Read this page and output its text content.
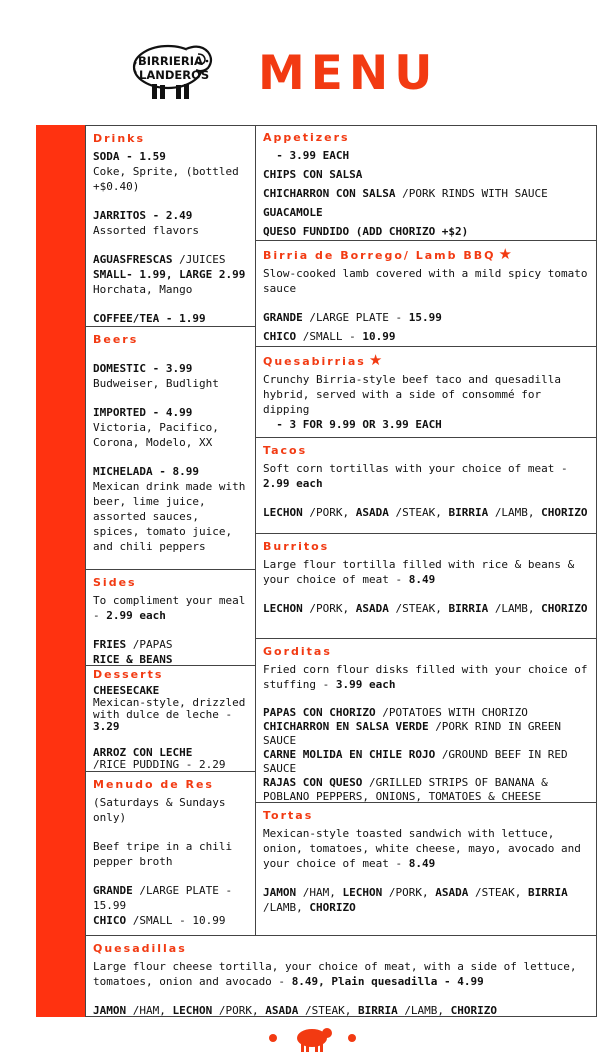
BIRRIERIA
LANDEROS MENU
Drinks

SODA - 1.59

Coke, Sprite, (bottled +$0.40)

JARRITOS - 2.49

Assorted flavors

AGUASFRESCAS /JUICES

SMALL- 1.99, LARGE 2.99

Horchata, Mango

COFFEE/TEA - 1.99

Beers

DOMESTIC - 3.99

Budweiser, Budlight

IMPORTED - 4.99

Victoria, Pacifico, Corona, Modelo, XX

MICHELADA - 8.99

Mexican drink made with beer, lime juice, assorted sauces, spices, tomato juice, and chili peppers

Sides

To compliment your meal - 2.99 each

FRIES /PAPAS

RICE & BEANS

Desserts

CHEESECAKE

Mexican-style, drizzled with dulce de leche - 3.29

ARROZ CON LECHE

/RICE PUDDING - 2.29

Menudo de Res

(Saturdays & Sundays only)

Beef tripe in a chili pepper broth

GRANDE /LARGE PLATE - 15.99

CHICO /SMALL - 10.99

Appetizers

- 3.99 EACH

CHIPS CON SALSA

CHICHARRON CON SALSA /PORK RINDS WITH SAUCE

GUACAMOLE

QUESO FUNDIDO (ADD CHORIZO +$2)

Birria de Borrego/ Lamb BBQ ★

Slow-cooked lamb covered with a mild spicy tomato sauce

GRANDE /LARGE PLATE - 15.99

CHICO /SMALL - 10.99

Quesabirrias ★

Crunchy Birria-style beef taco and quesadilla hybrid, served with a side of consommé for dipping

- 3 FOR 9.99 OR 3.99 EACH

Tacos

Soft corn tortillas with your choice of meat - 2.99 each

LECHON /PORK, ASADA /STEAK, BIRRIA /LAMB, CHORIZO

Burritos

Large flour tortilla filled with rice & beans & your choice of meat - 8.49

LECHON /PORK, ASADA /STEAK, BIRRIA /LAMB, CHORIZO

Gorditas

Fried corn flour disks filled with your choice of stuffing - 3.99 each

PAPAS CON CHORIZO /POTATOES WITH CHORIZO

CHICHARRON EN SALSA VERDE /PORK RIND IN GREEN SAUCE

CARNE MOLIDA EN CHILE ROJO /GROUND BEEF IN RED SAUCE

RAJAS CON QUESO /GRILLED STRIPS OF BANANA & POBLANO PEPPERS, ONIONS, TOMATOES & CHEESE

Tortas

Mexican-style toasted sandwich with lettuce, onion, tomatoes, white cheese, mayo, avocado and your choice of meat - 8.49

JAMON /HAM, LECHON /PORK, ASADA /STEAK, BIRRIA /LAMB, CHORIZO

Quesadillas

Large flour cheese tortilla, your choice of meat, with a side of lettuce, tomatoes, onion and avocado - 8.49, Plain quesadilla - 4.99

JAMON /HAM, LECHON /PORK, ASADA /STEAK, BIRRIA /LAMB, CHORIZO
